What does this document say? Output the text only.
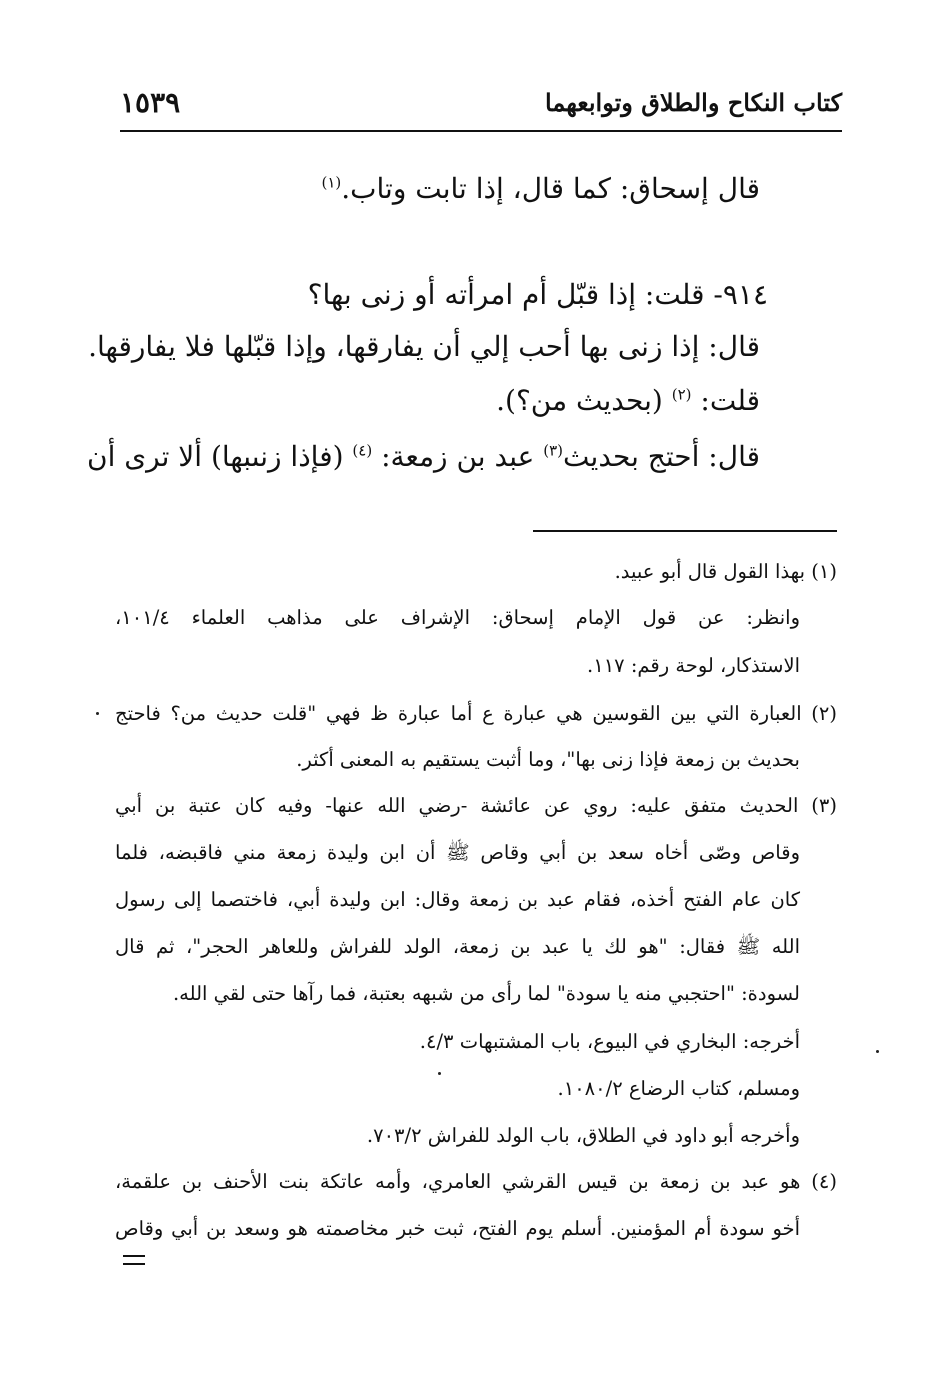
كتاب النكاح والطلاق وتوابعهما
١٥٣٩
قال إسحاق: كما قال، إذا تابت وتاب.$^{(١)}$
٩١٤- قلت: إذا قبّل أم امرأته أو زنى بها؟
قال: إذا زنى بها أحب إلي أن يفارقها، وإذا قبّلها فلا يفارقها.
قلت: $^{(٢)}$ (بحديث من؟).
قال: أحتج بحديث$^{(٣)}$ عبد بن زمعة: $^{(٤)}$ (فإذا زنىبها) ألا ترى أن
(١) بهذا القول قال أبو عبيد.
وانظر: عن قول الإمام إسحاق: الإشراف على مذاهب العلماء ١٠١/٤،
الاستذكار، لوحة رقم: ١١٧.
(٢) العبارة التي بين القوسين هي عبارة ع أما عبارة ظ فهي "قلت حديث من؟ فاحتج
بحديث بن زمعة فإذا زنى بها"، وما أثبت يستقيم به المعنى أكثر.
(٣) الحديث متفق عليه: روي عن عائشة -رضي الله عنها- وفيه كان عتبة بن أبي
وقاص وصّى أخاه سعد بن أبي وقاص ﷺ أن ابن وليدة زمعة مني فاقبضه، فلما
كان عام الفتح أخذه، فقام عبد بن زمعة وقال: ابن وليدة أبي، فاختصما إلى رسول
الله ﷺ فقال: "هو لك يا عبد بن زمعة، الولد للفراش وللعاهر الحجر"، ثم قال
لسودة: "احتجبي منه يا سودة" لما رأى من شبهه بعتبة، فما رآها حتى لقي الله.
أخرجه: البخاري في البيوع، باب المشتبهات ٤/٣.
ومسلم، كتاب الرضاع ١٠٨٠/٢.
وأخرجه أبو داود في الطلاق، باب الولد للفراش ٧٠٣/٢.
(٤) هو عبد بن زمعة بن قيس القرشي العامري، وأمه عاتكة بنت الأحنف بن علقمة،
أخو سودة أم المؤمنين. أسلم يوم الفتح، ثبت خبر مخاصمته هو وسعد بن أبي وقاص
